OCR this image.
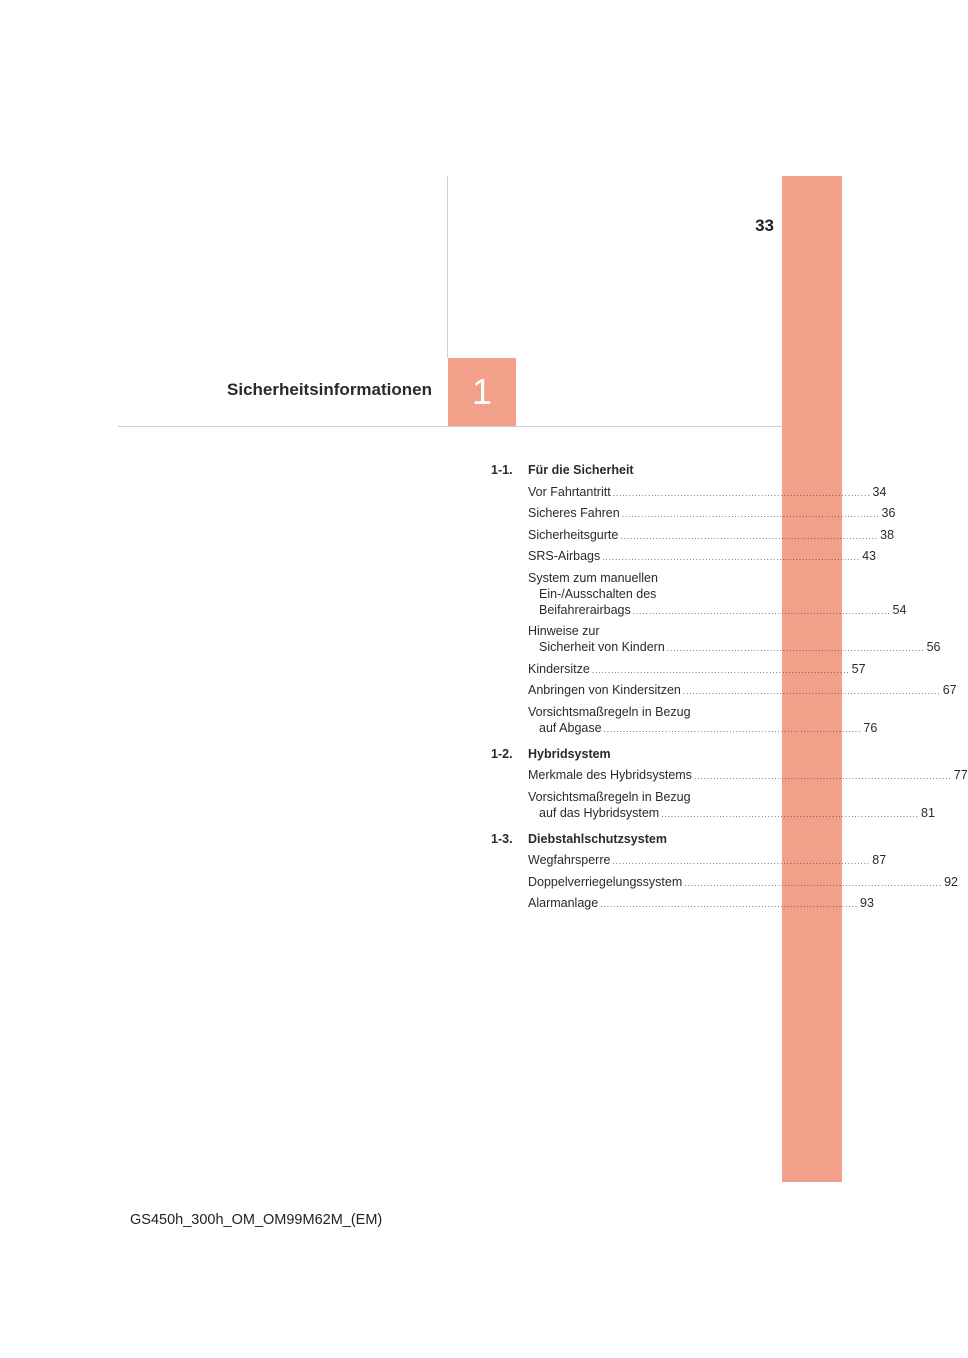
33
Sicherheitsinformationen	1
1-1.	Für die Sicherheit
Vor Fahrtantritt ................................................................................ 34
Sicheres Fahren ................................................................................ 36
Sicherheitsgurte ................................................................................ 38
SRS-Airbags ................................................................................ 43
System zum manuellen
Ein-/Ausschalten des
Beifahrerairbags ................................................................................ 54
Hinweise zur
Sicherheit von Kindern ................................................................................ 56
Kindersitze ................................................................................ 57
Anbringen von Kindersitzen ................................................................................ 67
Vorsichtsmaßregeln in Bezug
auf Abgase ................................................................................ 76
1-2.	Hybridsystem
Merkmale des Hybridsystems ................................................................................ 77
Vorsichtsmaßregeln in Bezug
auf das Hybridsystem ................................................................................ 81
1-3.	Diebstahlschutzsystem
Wegfahrsperre ................................................................................ 87
Doppelverriegelungssystem ................................................................................ 92
Alarmanlage ................................................................................ 93
GS450h_300h_OM_OM99M62M_(EM)
